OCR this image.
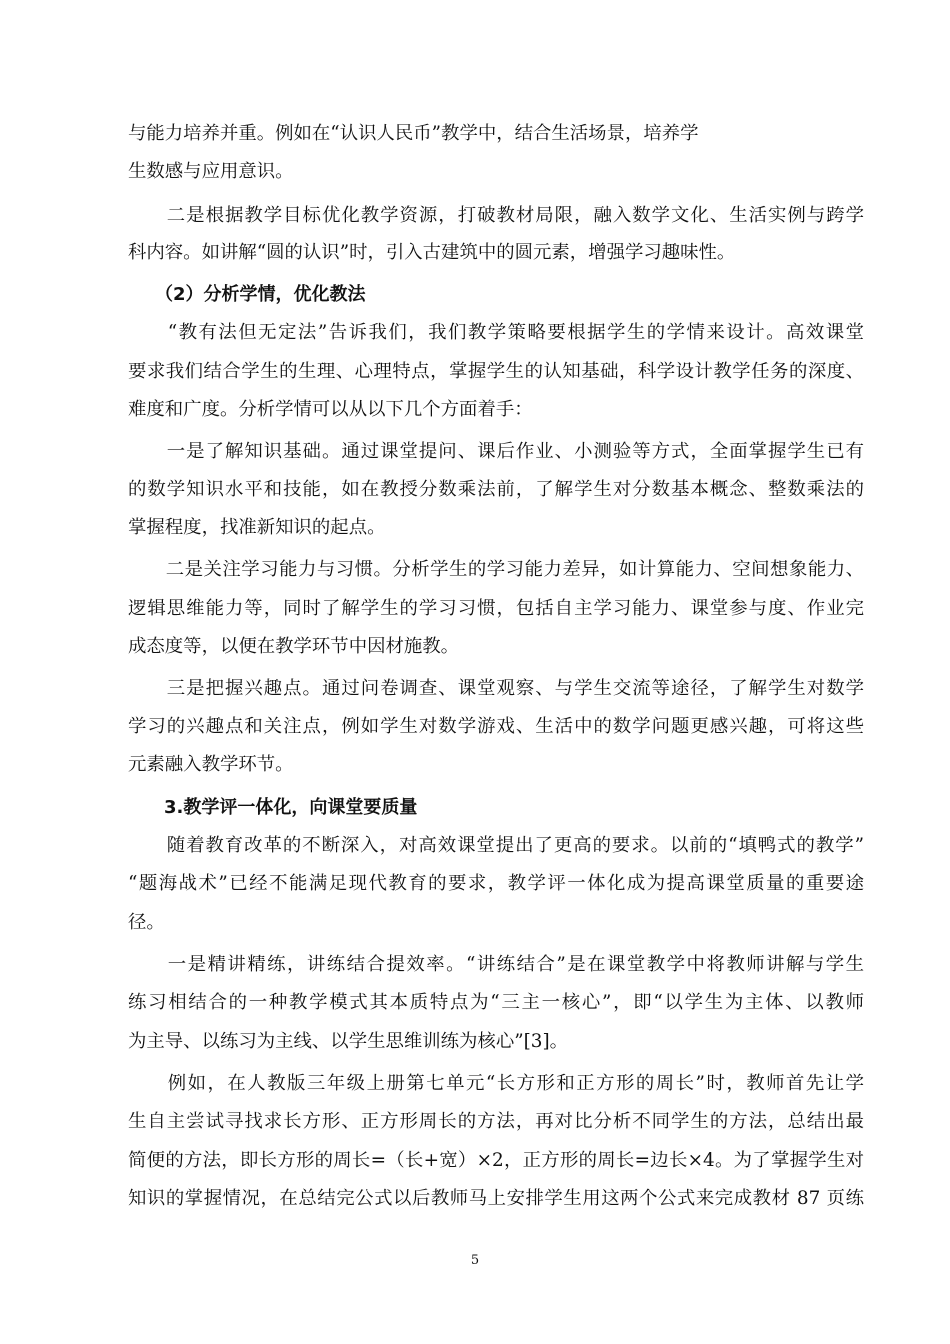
与能力培养并重。例如在“认识人民币”教学中，结合生活场景，培养学
生数感与应用意识。
　　二是根据教学目标优化教学资源，打破教材局限，融入数学文化、生活实例与跨学
科内容。如讲解“圆的认识”时，引入古建筑中的圆元素，增强学习趣味性。
　　（2）分析学情，优化教法
　　“教有法但无定法”告诉我们，我们教学策略要根据学生的学情来设计。高效课堂
要求我们结合学生的生理、心理特点，掌握学生的认知基础，科学设计教学任务的深度、
难度和广度。分析学情可以从以下几个方面着手：
　　一是了解知识基础。通过课堂提问、课后作业、小测验等方式，全面掌握学生已有
的数学知识水平和技能，如在教授分数乘法前，了解学生对分数基本概念、整数乘法的
掌握程度，找准新知识的起点。
　　二是关注学习能力与习惯。分析学生的学习能力差异，如计算能力、空间想象能力、
逻辑思维能力等，同时了解学生的学习习惯，包括自主学习能力、课堂参与度、作业完
成态度等，以便在教学环节中因材施教。
　　三是把握兴趣点。通过问卷调查、课堂观察、与学生交流等途径，了解学生对数学
学习的兴趣点和关注点，例如学生对数学游戏、生活中的数学问题更感兴趣，可将这些
元素融入教学环节。
　　3.教学评一体化，向课堂要质量
　　随着教育改革的不断深入，对高效课堂提出了更高的要求。以前的“填鸭式的教学”
“题海战术”已经不能满足现代教育的要求，教学评一体化成为提高课堂质量的重要途
径。
　　一是精讲精练，讲练结合提效率。“讲练结合”是在课堂教学中将教师讲解与学生
练习相结合的一种教学模式其本质特点为“三主一核心”，即“以学生为主体、以教师
为主导、以练习为主线、以学生思维训练为核心”[3]。
　　例如，在人教版三年级上册第七单元“长方形和正方形的周长”时，教师首先让学
生自主尝试寻找求长方形、正方形周长的方法，再对比分析不同学生的方法，总结出最
简便的方法，即长方形的周长=（长+宽）×2，正方形的周长=边长×4。为了掌握学生对
知识的掌握情况，在总结完公式以后教师马上安排学生用这两个公式来完成教材 87 页练
5
